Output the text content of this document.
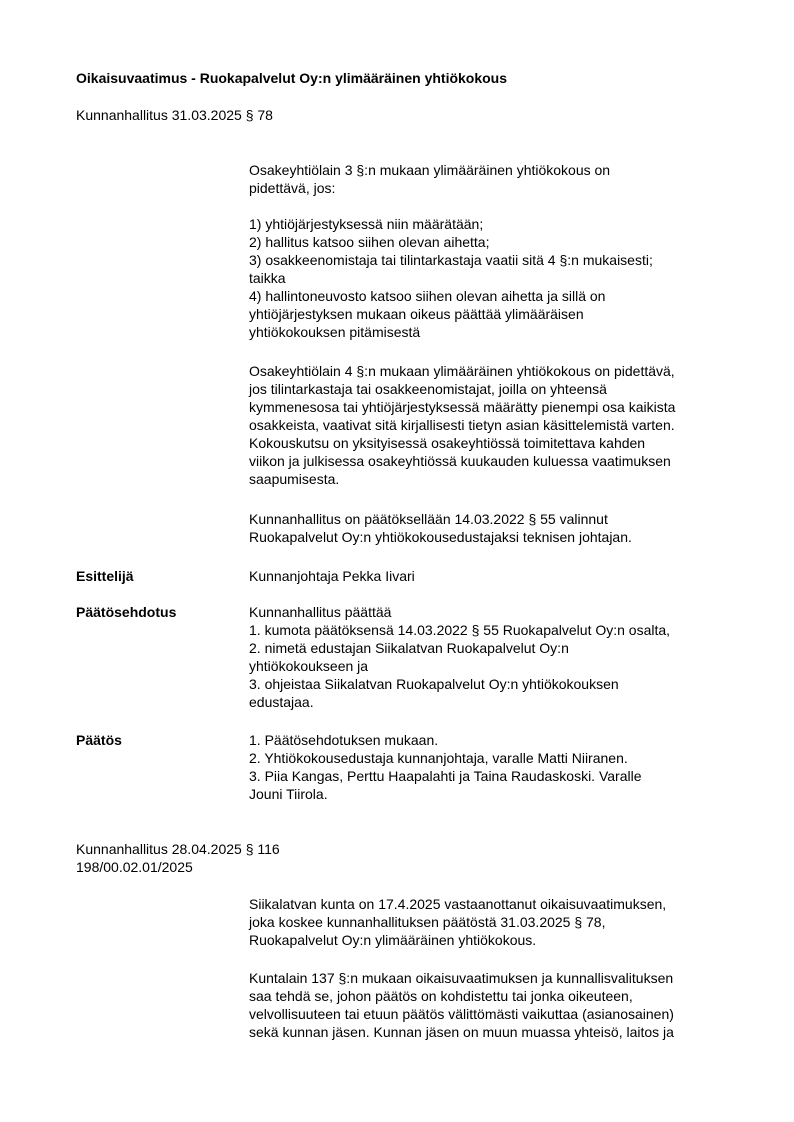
Oikaisuvaatimus - Ruokapalvelut Oy:n ylimääräinen yhtiökokous
Kunnanhallitus 31.03.2025 § 78
Osakeyhtiölain 3 §:n mukaan ylimääräinen yhtiökokous on
pidettävä, jos:
1) yhtiöjärjestyksessä niin määrätään;
2) hallitus katsoo siihen olevan aihetta;
3) osakkeenomistaja tai tilintarkastaja vaatii sitä 4 §:n mukaisesti;
taikka
4) hallintoneuvosto katsoo siihen olevan aihetta ja sillä on
yhtiöjärjestyksen mukaan oikeus päättää ylimääräisen
yhtiökokouksen pitämisestä
Osakeyhtiölain 4 §:n mukaan ylimääräinen yhtiökokous on pidettävä,
jos tilintarkastaja tai osakkeenomistajat, joilla on yhteensä
kymmenesosa tai yhtiöjärjestyksessä määrätty pienempi osa kaikista
osakkeista, vaativat sitä kirjallisesti tietyn asian käsittelemistä varten.
Kokouskutsu on yksityisessä osakeyhtiössä toimitettava kahden
viikon ja julkisessa osakeyhtiössä kuukauden kuluessa vaatimuksen
saapumisesta.
Kunnanhallitus on päätöksellään 14.03.2022 § 55 valinnut
Ruokapalvelut Oy:n yhtiökokousedustajaksi teknisen johtajan.
Esittelijä	Kunnanjohtaja Pekka Iivari
Päätösehdotus	Kunnanhallitus päättää
1. kumota päätöksensä 14.03.2022 § 55 Ruokapalvelut Oy:n osalta,
2. nimetä edustajan Siikalatvan Ruokapalvelut Oy:n
yhtiökokoukseen ja
3. ohjeistaa Siikalatvan Ruokapalvelut Oy:n yhtiökokouksen
edustajaa.
Päätös	1. Päätösehdotuksen mukaan.
2. Yhtiökokousedustaja kunnanjohtaja, varalle Matti Niiranen.
3. Piia Kangas, Perttu Haapalahti ja Taina Raudaskoski. Varalle
Jouni Tiirola.
Kunnanhallitus 28.04.2025 § 116
198/00.02.01/2025
Siikalatvan kunta on 17.4.2025 vastaanottanut oikaisuvaatimuksen,
joka koskee kunnanhallituksen päätöstä 31.03.2025 § 78,
Ruokapalvelut Oy:n ylimääräinen yhtiökokous.
Kuntalain 137 §:n mukaan oikaisuvaatimuksen ja kunnallisvalituksen
saa tehdä se, johon päätös on kohdistettu tai jonka oikeuteen,
velvollisuuteen tai etuun päätös välittömästi vaikuttaa (asianosainen)
sekä kunnan jäsen. Kunnan jäsen on muun muassa yhteisö, laitos ja
